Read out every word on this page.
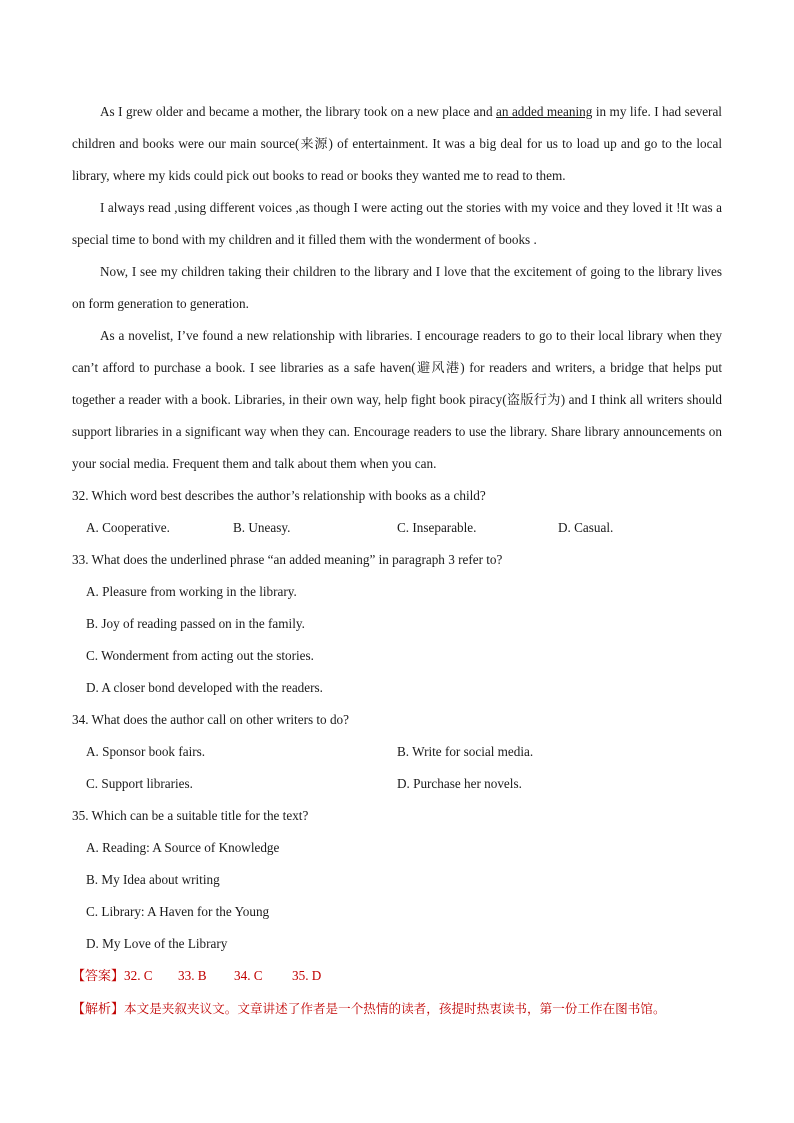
As I grew older and became a mother, the library took on a new place and an added meaning in my life. I had several children and books were our main source(来源) of entertainment. It was a big deal for us to load up and go to the local library, where my kids could pick out books to read or books they wanted me to read to them.

I always read ,using different voices ,as though I were acting out the stories with my voice and they loved it !It was a special time to bond with my children and it filled them with the wonderment of books .

Now, I see my children taking their children to the library and I love that the excitement of going to the library lives on form generation to generation.

As a novelist, I’ve found a new relationship with libraries. I encourage readers to go to their local library when they can’t afford to purchase a book. I see libraries as a safe haven(避风港) for readers and writers, a bridge that helps put together a reader with a book. Libraries, in their own way, help fight book piracy(盗版行为) and I think all writers should support libraries in a significant way when they can. Encourage readers to use the library. Share library announcements on your social media. Frequent them and talk about them when you can.

32. Which word best describes the author’s relationship with books as a child?

A. Cooperative.	B. Uneasy.	C. Inseparable.	D. Casual.

33. What does the underlined phrase “an added meaning” in paragraph 3 refer to?

A. Pleasure from working in the library.

B. Joy of reading passed on in the family.

C. Wonderment from acting out the stories.

D. A closer bond developed with the readers.

34. What does the author call on other writers to do?

A. Sponsor book fairs.	B. Write for social media.
C. Support libraries.	D. Purchase her novels.

35. Which can be a suitable title for the text?

A. Reading: A Source of Knowledge

B. My Idea about writing

C. Library: A Haven for the Young

D. My Love of the Library

【答案】32. C 33. B 34. C 35. D

【解析】本文是夹叙夹议文。文章讲述了作者是一个热情的读者，孩提时热衷读书，第一份工作在图书馆。
